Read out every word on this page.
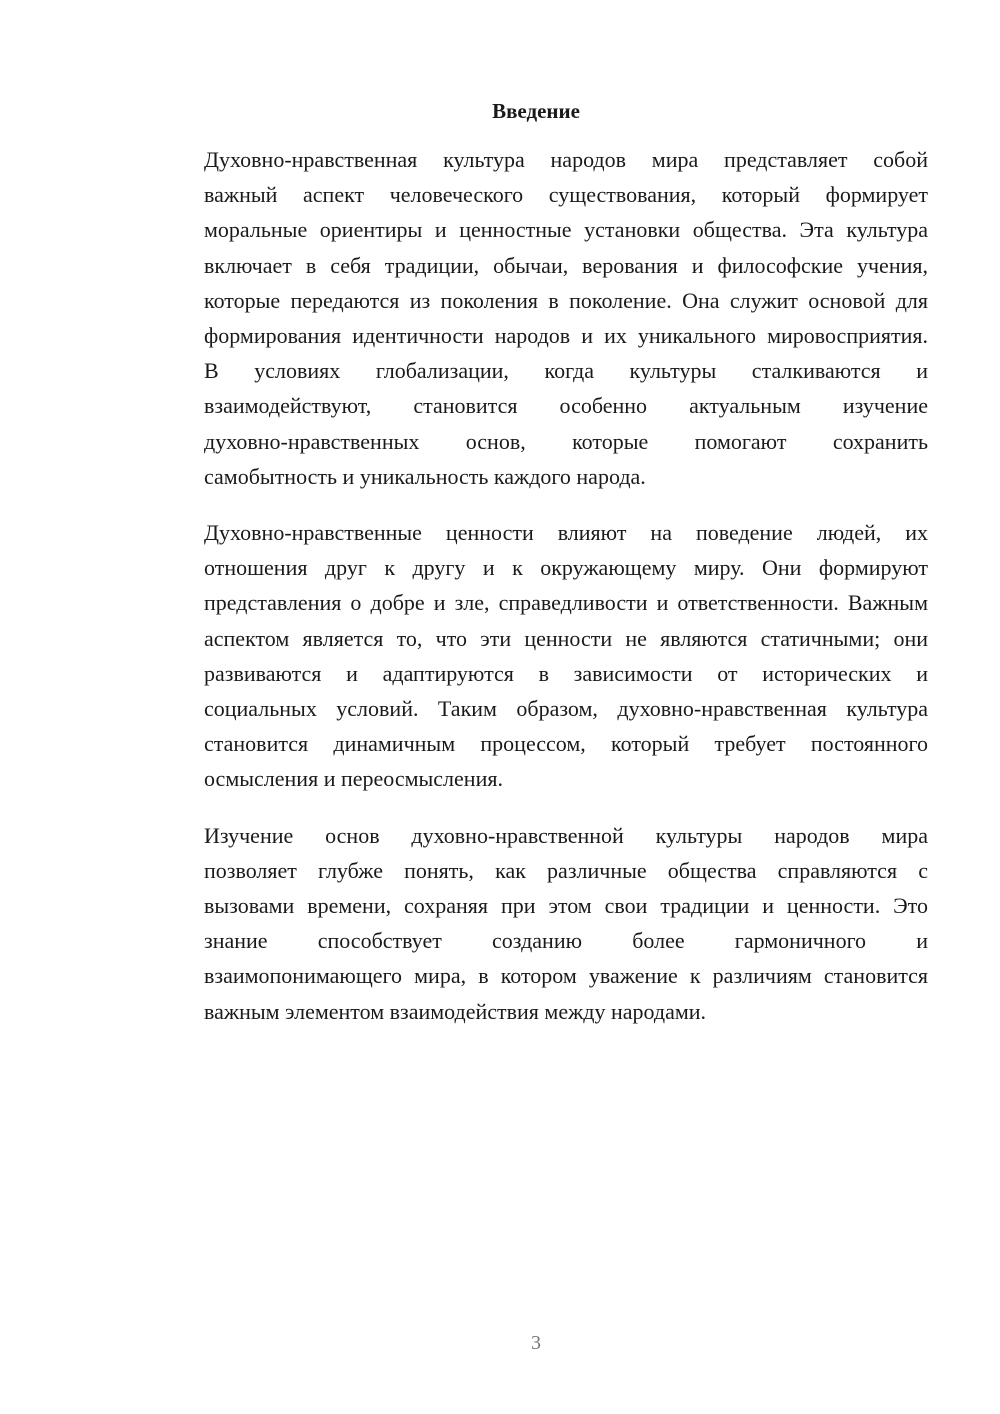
Введение
Духовно-нравственная культура народов мира представляет собой
важный аспект человеческого существования, который формирует
моральные ориентиры и ценностные установки общества. Эта культура
включает в себя традиции, обычаи, верования и философские учения,
которые передаются из поколения в поколение. Она служит основой для
формирования идентичности народов и их уникального мировосприятия.
В условиях глобализации, когда культуры сталкиваются и
взаимодействуют, становится особенно актуальным изучение
духовно-нравственных основ, которые помогают сохранить
самобытность и уникальность каждого народа.
Духовно-нравственные ценности влияют на поведение людей, их
отношения друг к другу и к окружающему миру. Они формируют
представления о добре и зле, справедливости и ответственности. Важным
аспектом является то, что эти ценности не являются статичными; они
развиваются и адаптируются в зависимости от исторических и
социальных условий. Таким образом, духовно-нравственная культура
становится динамичным процессом, который требует постоянного
осмысления и переосмысления.
Изучение основ духовно-нравственной культуры народов мира
позволяет глубже понять, как различные общества справляются с
вызовами времени, сохраняя при этом свои традиции и ценности. Это
знание способствует созданию более гармоничного и
взаимопонимающего мира, в котором уважение к различиям становится
важным элементом взаимодействия между народами.
3
